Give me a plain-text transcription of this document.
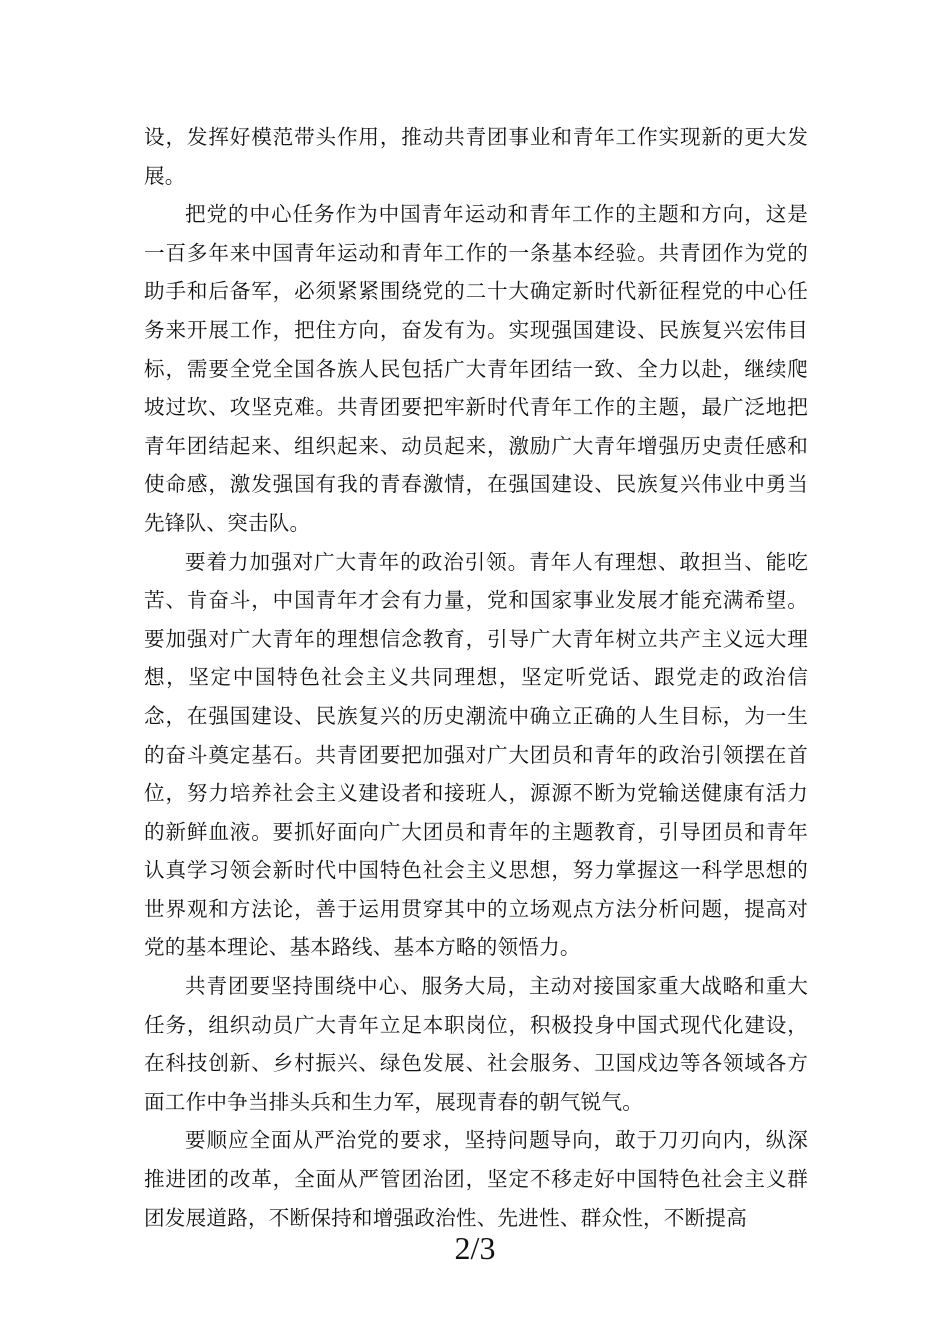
设，发挥好模范带头作用，推动共青团事业和青年工作实现新的更大发展。

把党的中心任务作为中国青年运动和青年工作的主题和方向，这是一百多年来中国青年运动和青年工作的一条基本经验。共青团作为党的助手和后备军，必须紧紧围绕党的二十大确定新时代新征程党的中心任务来开展工作，把住方向，奋发有为。实现强国建设、民族复兴宏伟目标，需要全党全国各族人民包括广大青年团结一致、全力以赴，继续爬坡过坎、攻坚克难。共青团要把牢新时代青年工作的主题，最广泛地把青年团结起来、组织起来、动员起来，激励广大青年增强历史责任感和使命感，激发强国有我的青春激情，在强国建设、民族复兴伟业中勇当先锋队、突击队。

要着力加强对广大青年的政治引领。青年人有理想、敢担当、能吃苦、肯奋斗，中国青年才会有力量，党和国家事业发展才能充满希望。要加强对广大青年的理想信念教育，引导广大青年树立共产主义远大理想，坚定中国特色社会主义共同理想，坚定听党话、跟党走的政治信念，在强国建设、民族复兴的历史潮流中确立正确的人生目标，为一生的奋斗奠定基石。共青团要把加强对广大团员和青年的政治引领摆在首位，努力培养社会主义建设者和接班人，源源不断为党输送健康有活力的新鲜血液。要抓好面向广大团员和青年的主题教育，引导团员和青年认真学习领会新时代中国特色社会主义思想，努力掌握这一科学思想的世界观和方法论，善于运用贯穿其中的立场观点方法分析问题，提高对党的基本理论、基本路线、基本方略的领悟力。

共青团要坚持围绕中心、服务大局，主动对接国家重大战略和重大任务，组织动员广大青年立足本职岗位，积极投身中国式现代化建设，在科技创新、乡村振兴、绿色发展、社会服务、卫国戍边等各领域各方面工作中争当排头兵和生力军，展现青春的朝气锐气。

要顺应全面从严治党的要求，坚持问题导向，敢于刀刃向内，纵深推进团的改革，全面从严管团治团，坚定不移走好中国特色社会主义群团发展道路，不断保持和增强政治性、先进性、群众性，不断提高

2/3
